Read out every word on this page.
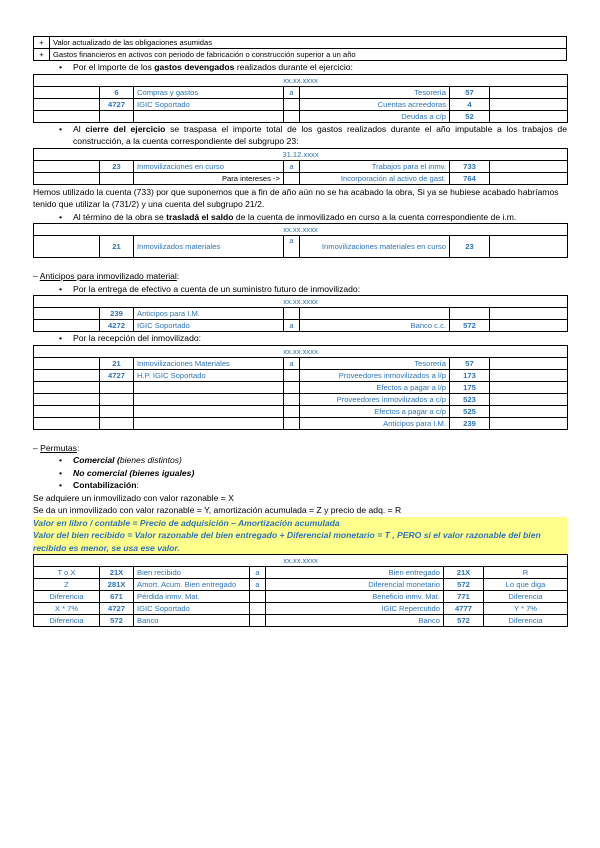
+	Valor actualizado de las obligaciones asumidas
+	Gastos financieros en activos con periodo de fabricación o construcción superior a un año

• Por el importe de los gastos devengados realizados durante el ejercicio:

xx.xx.xxxx						
	6	Compras y gastos	a	Tesorería	57	
	4727	IGIC Soportado		Cuentas acreedoras	4	
				Deudas a c/p	52	

• Al cierre del ejercicio se traspasa el importe total de los gastos realizados durante el año imputable a los trabajos de construcción, a la cuenta correspondiente del subgrupo 23:

31.12.xxxx						
	23	Inmovilizaciones en curso	a	Trabajos para el inmv.	733	
		Para intereses ->		Incorporación al activo de gast.	764	

Hemos utilizado la cuenta (733) por que suponemos que a fin de año aún no se ha acabado la obra, Si ya se hubiese acabado habríamos tenido que utilizar la (731/2) y una cuenta del subgrupo 21/2.

• Al término de la obra se trasladá el saldo de la cuenta de inmovilizado en curso a la cuenta correspondiente de i.m.

xx.xx.xxxx
	21	Inmovilizados materiales	a	Inmovilizaciones materiales en curso	23	

– Anticipos para inmovilizado material:

• Por la entrega de efectivo a cuenta de un suministro futuro de inmovilizado:

xx.xx.xxxx						
	239	Anticipos para I.M.				
	4272	IGIC Soportado	a	Banco c.c.	572	

• Por la recepción del inmovilizado:

xx.xx.xxxx						
	21	Inmovilizaciones Materiales	a	Tesorería	57	
	4727	H.P. IGIC Soportado		Proveedores inmovilizados a l/p	173	
				Efectos a pagar a l/p	175	
				Proveedores inmovilizados a c/p	523	
				Efectos a pagar a c/p	525	
				Anticipos para I.M.	239	

– Permutas:

• Comercial (bienes distintos)

• No comercial (bienes iguales)

• Contabilización:

Se adquiere un inmovilizado con valor razonable = X

Se da un inmovilizado con valor razonable = Y, amortización acumulada = Z y precio de adq. = R

Valor en libro / contable = Precio de adquisición – Amortización acumulada

Valor del bien recibido = Valor razonable del bien entregado + Diferencial monetario = T , PERO si el valor razonable del bien recibido es menor, se usa ese valor.

xx.xx.xxxx						
T o X	21X	Bien recibido	a	Bien entregado	21X	R
Z	281X	Amort. Acum. Bien entregado	a	Diferencial monetario	572	Lo que diga
Diferencia	671	Pérdida inmv. Mat.		Beneficio inmv. Mat.	771	Diferencia
X * 7%	4727	IGIC Soportado		IGIC Repercutido	4777	Y * 7%
Diferencia	572	Banco		Banco	572	Diferencia
